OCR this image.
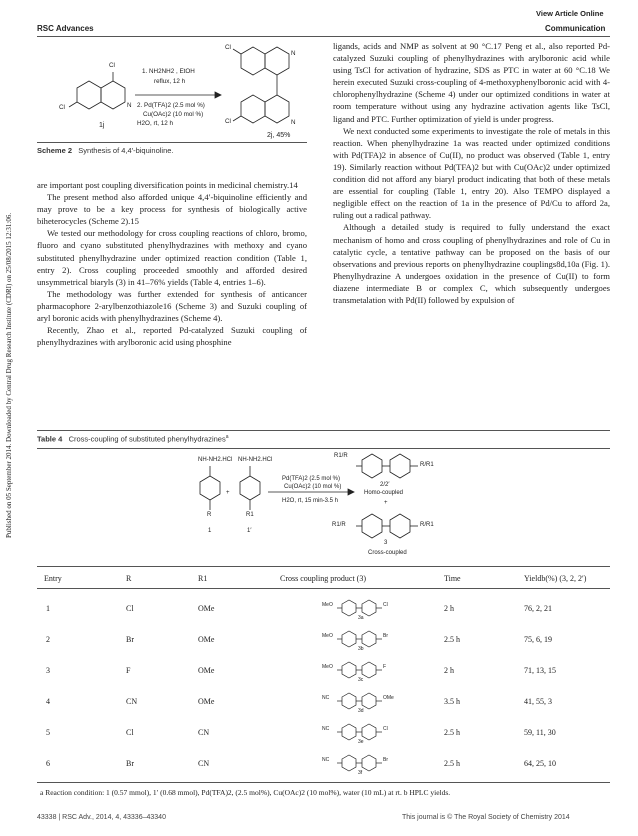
View Article Online
RSC Advances	Communication
Published on 05 September 2014. Downloaded by Central Drug Research Institute (CDRI) on 25/08/2015 12:31:06.
Cl
Cl	N
1j
1. NH2NH2 , EtOH
reflux, 12 h
2. Pd(TFA)2 (2.5 mol %)
Cu(OAc)2 (10 mol %)
H2O, rt, 12 h
Cl
N
Cl	N
2j, 45%
Scheme 2 Synthesis of 4,4′-biquinoline.

are important post coupling diversification points in medicinal chemistry.14

The present method also afforded unique 4,4′-biquinoline efficiently and may prove to be a key process for synthesis of biologically active biheterocycles (Scheme 2).15

We tested our methodology for cross coupling reactions of chloro, bromo, fluoro and cyano substituted phenylhydrazines with methoxy and cyano substituted phenylhydrazine under optimized reaction condition (Table 1, entry 2). Cross coupling proceeded smoothly and afforded desired unsymmetrical biaryls (3) in 41–76% yields (Table 4, entries 1–6).

The methodology was further extended for synthesis of anticancer pharmacophore 2-arylbenzothiazole16 (Scheme 3) and Suzuki coupling of aryl boronic acids with phenylhydrazines (Scheme 4).

Recently, Zhao et al., reported Pd-catalyzed Suzuki coupling of phenylhydrazines with arylboronic acid using phosphine

ligands, acids and NMP as solvent at 90 °C.17 Peng et al., also reported Pd-catalyzed Suzuki coupling of phenylhydrazines with arylboronic acid while using TsCl for activation of hydrazine, SDS as PTC in water at 60 °C.18 We herein executed Suzuki cross-coupling of 4-methoxyphenylboronic acid with 4-chlorophenylhydrazine (Scheme 4) under our optimized conditions in water at room temperature without using any hydrazine activation agents like TsCl, ligand and PTC. Further optimization of yield is under progress.

We next conducted some experiments to investigate the role of metals in this reaction. When phenylhydrazine 1a was reacted under optimized conditions with Pd(TFA)2 in absence of Cu(II), no product was observed (Table 1, entry 19). Similarly reaction without Pd(TFA)2 but with Cu(OAc)2 under optimized condition did not afford any biaryl product indicating that both of these metals are essential for coupling (Table 1, entry 20). Also TEMPO displayed a negligible effect on the reaction of 1a in the presence of Pd/Cu to afford 2a, ruling out a radical pathway.

Although a detailed study is required to fully understand the exact mechanism of homo and cross coupling of phenylhydrazines and role of Cu in catalytic cycle, a tentative pathway can be proposed on the basis of our observations and previous reports on phenylhydrazine couplings8d,10a (Fig. 1). Phenylhydrazine A undergoes oxidation in the presence of Cu(II) to form diazene intermediate B or complex C, which subsequently undergoes transmetalation with Pd(II) followed by expulsion of

Table 4 Cross-coupling of substituted phenylhydrazines$^a$
NH-NH2.HCl NH-NH2.HCl
+
R	R1
1	1′
Pd(TFA)2 (2.5 mol %)
Cu(OAc)2 (10 mol %)
H2O, rt, 15 min-3.5 h
R1/R
R/R1
2/2′
Homo-coupled
+
R1/R	R/R1
3
Cross-coupled
Entry	R	R1	Cross coupling product (3)	Time	Yieldb(%) (3, 2, 2′)
1	Cl	OMe	2 h	76, 2, 21
MeO	Cl
3a
2	Br	OMe	2.5 h	75, 6, 19
MeO	Br
3b
3	F	OMe	2 h	71, 13, 15
MeO	F
3c
4	CN	OMe	3.5 h	41, 55, 3
NC	OMe
3d
5	Cl	CN	2.5 h	59, 11, 30
NC	Cl
3e
6	Br	CN	2.5 h	64, 25, 10
NC	Br
3f
a Reaction condition: 1 (0.57 mmol), 1′ (0.68 mmol), Pd(TFA)2, (2.5 mol%), Cu(OAc)2 (10 mol%), water (10 mL) at rt. b HPLC yields.
43338 | RSC Adv., 2014, 4, 43336–43340	This journal is © The Royal Society of Chemistry 2014
